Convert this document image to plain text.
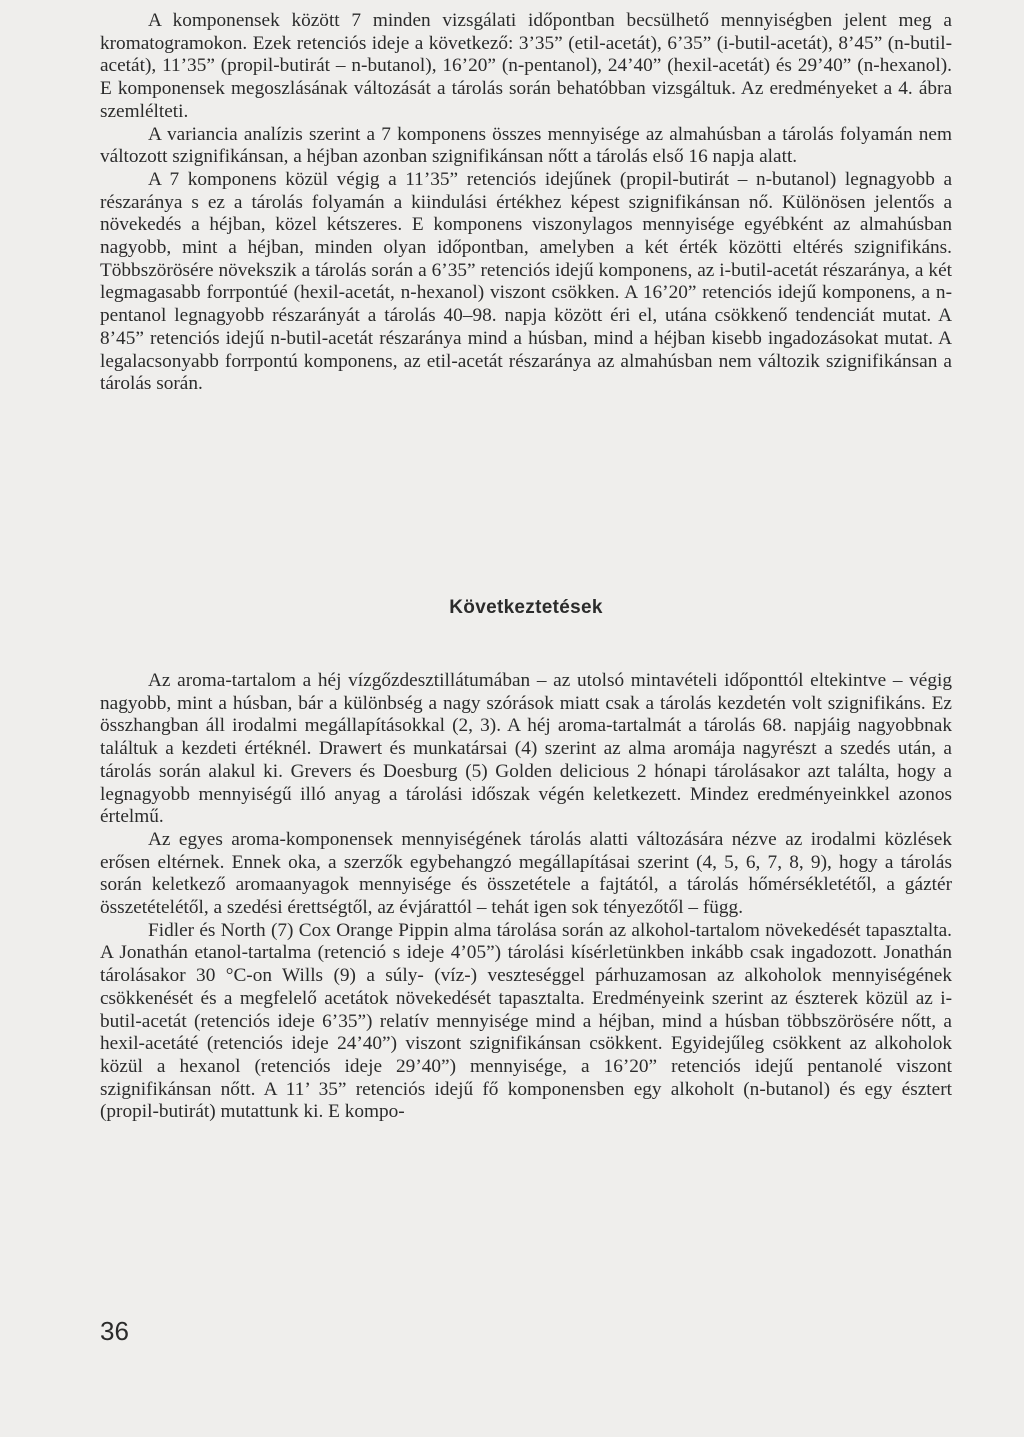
A komponensek között 7 minden vizsgálati időpontban becsülhető mennyiségben jelent meg a kromatogramokon. Ezek retenciós ideje a következő: 3’35” (etil-acetát), 6’35” (i-butil-acetát), 8’45” (n-butil-acetát), 11’35” (propil-butirát – n-butanol), 16’20” (n-pentanol), 24’40” (hexil-acetát) és 29’40” (n-hexanol). E komponensek megoszlásának változását a tárolás során behatóbban vizsgáltuk. Az eredményeket a 4. ábra szemlélteti.

A variancia analízis szerint a 7 komponens összes mennyisége az almahúsban a tárolás folyamán nem változott szignifikánsan, a héjban azonban szignifikánsan nőtt a tárolás első 16 napja alatt.

A 7 komponens közül végig a 11’35” retenciós idejűnek (propil-butirát – n-butanol) legnagyobb a részaránya s ez a tárolás folyamán a kiindulási értékhez képest szignifikánsan nő. Különösen jelentős a növekedés a héjban, közel kétszeres. E komponens viszonylagos mennyisége egyébként az almahúsban nagyobb, mint a héjban, minden olyan időpontban, amelyben a két érték közötti eltérés szignifikáns. Többszörösére növekszik a tárolás során a 6’35” retenciós idejű komponens, az i-butil-acetát részaránya, a két legmagasabb forrpontúé (hexil-acetát, n-hexanol) viszont csökken. A 16’20” retenciós idejű komponens, a n-pentanol legnagyobb részarányát a tárolás 40–98. napja között éri el, utána csökkenő tendenciát mutat. A 8’45” retenciós idejű n-butil-acetát részaránya mind a húsban, mind a héjban kisebb ingadozásokat mutat. A legalacsonyabb forrpontú komponens, az etil-acetát részaránya az almahúsban nem változik szignifikánsan a tárolás során.

Következtetések

Az aroma-tartalom a héj vízgőzdesztillátumában – az utolsó mintavételi időponttól eltekintve – végig nagyobb, mint a húsban, bár a különbség a nagy szórások miatt csak a tárolás kezdetén volt szignifikáns. Ez összhangban áll irodalmi megállapításokkal (2, 3). A héj aroma-tartalmát a tárolás 68. napjáig nagyobbnak találtuk a kezdeti értéknél. Drawert és munkatársai (4) szerint az alma aromája nagyrészt a szedés után, a tárolás során alakul ki. Grevers és Doesburg (5) Golden delicious 2 hónapi tárolásakor azt találta, hogy a legnagyobb mennyiségű illó anyag a tárolási időszak végén keletkezett. Mindez eredményeinkkel azonos értelmű.

Az egyes aroma-komponensek mennyiségének tárolás alatti változására nézve az irodalmi közlések erősen eltérnek. Ennek oka, a szerzők egybehangzó megállapításai szerint (4, 5, 6, 7, 8, 9), hogy a tárolás során keletkező aromaanyagok mennyisége és összetétele a fajtától, a tárolás hőmérsékletétől, a gáztér összetételétől, a szedési érettségtől, az évjárattól – tehát igen sok tényezőtől – függ.

Fidler és North (7) Cox Orange Pippin alma tárolása során az alkohol-tartalom növekedését tapasztalta. A Jonathán etanol-tartalma (retenció s ideje 4’05”) tárolási kísérletünkben inkább csak ingadozott. Jonathán tárolásakor 30 °C-on Wills (9) a súly- (víz-) veszteséggel párhuzamosan az alkoholok mennyiségének csökkenését és a megfelelő acetátok növekedését tapasztalta. Eredményeink szerint az észterek közül az i-butil-acetát (retenciós ideje 6’35”) relatív mennyisége mind a héjban, mind a húsban többszörösére nőtt, a hexil-acetáté (retenciós ideje 24’40”) viszont szignifikánsan csökkent. Egyidejűleg csökkent az alkoholok közül a hexanol (retenciós ideje 29’40”) mennyisége, a 16’20” retenciós idejű pentanolé viszont szignifikánsan nőtt. A 11’ 35” retenciós idejű fő komponensben egy alkoholt (n-butanol) és egy észtert (propil-butirát) mutattunk ki. E kompo-

36
